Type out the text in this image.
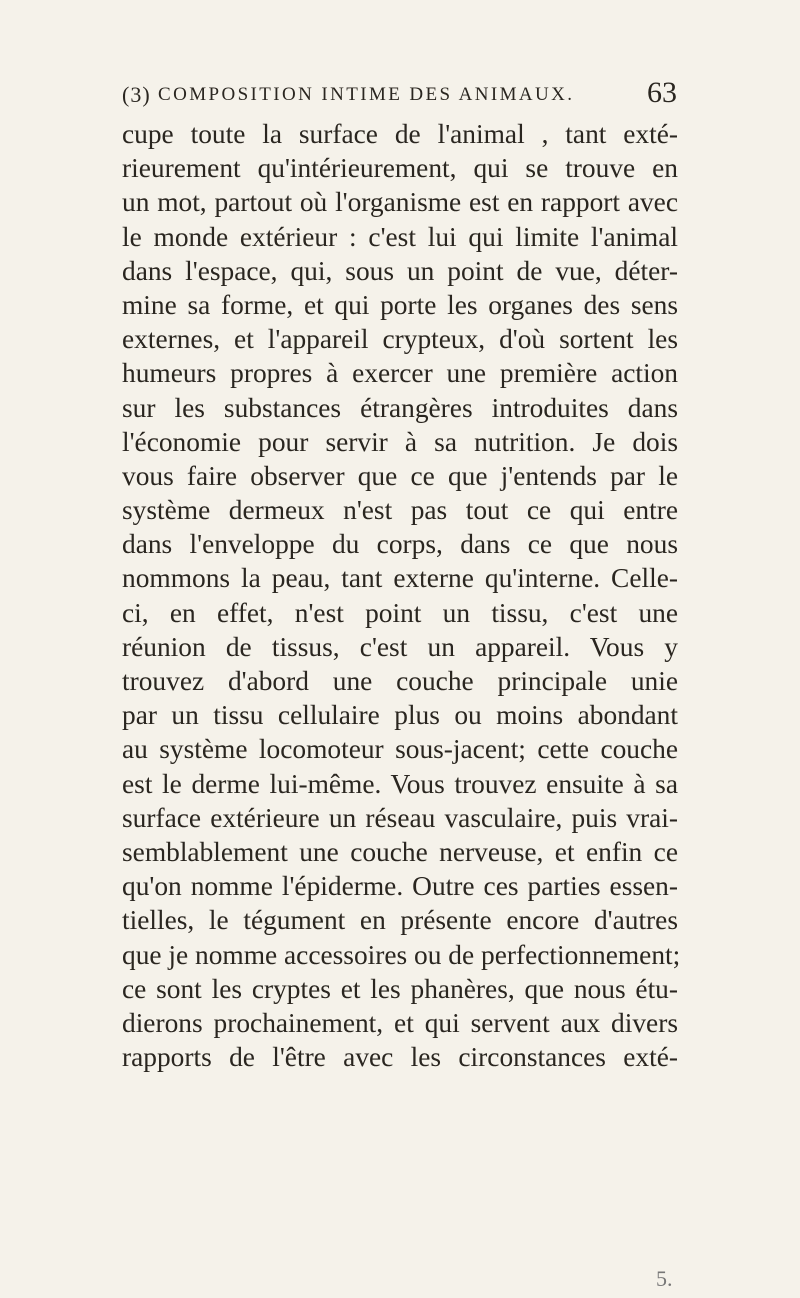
(3) COMPOSITION INTIME DES ANIMAUX. 63
cupe toute la surface de l'animal , tant exté-
rieurement qu'intérieurement, qui se trouve en
un mot, partout où l'organisme est en rapport avec
le monde extérieur : c'est lui qui limite l'animal
dans l'espace, qui, sous un point de vue, déter-
mine sa forme, et qui porte les organes des sens
externes, et l'appareil crypteux, d'où sortent les
humeurs propres à exercer une première action
sur les substances étrangères introduites dans
l'économie pour servir à sa nutrition. Je dois
vous faire observer que ce que j'entends par le
système dermeux n'est pas tout ce qui entre
dans l'enveloppe du corps, dans ce que nous
nommons la peau, tant externe qu'interne. Celle-
ci, en effet, n'est point un tissu, c'est une
réunion de tissus, c'est un appareil. Vous y
trouvez d'abord une couche principale unie
par un tissu cellulaire plus ou moins abondant
au système locomoteur sous-jacent; cette couche
est le derme lui-même. Vous trouvez ensuite à sa
surface extérieure un réseau vasculaire, puis vrai-
semblablement une couche nerveuse, et enfin ce
qu'on nomme l'épiderme. Outre ces parties essen-
tielles, le tégument en présente encore d'autres
que je nomme accessoires ou de perfectionnement;
ce sont les cryptes et les phanères, que nous étu-
dierons prochainement, et qui servent aux divers
rapports de l'être avec les circonstances exté-
5.
